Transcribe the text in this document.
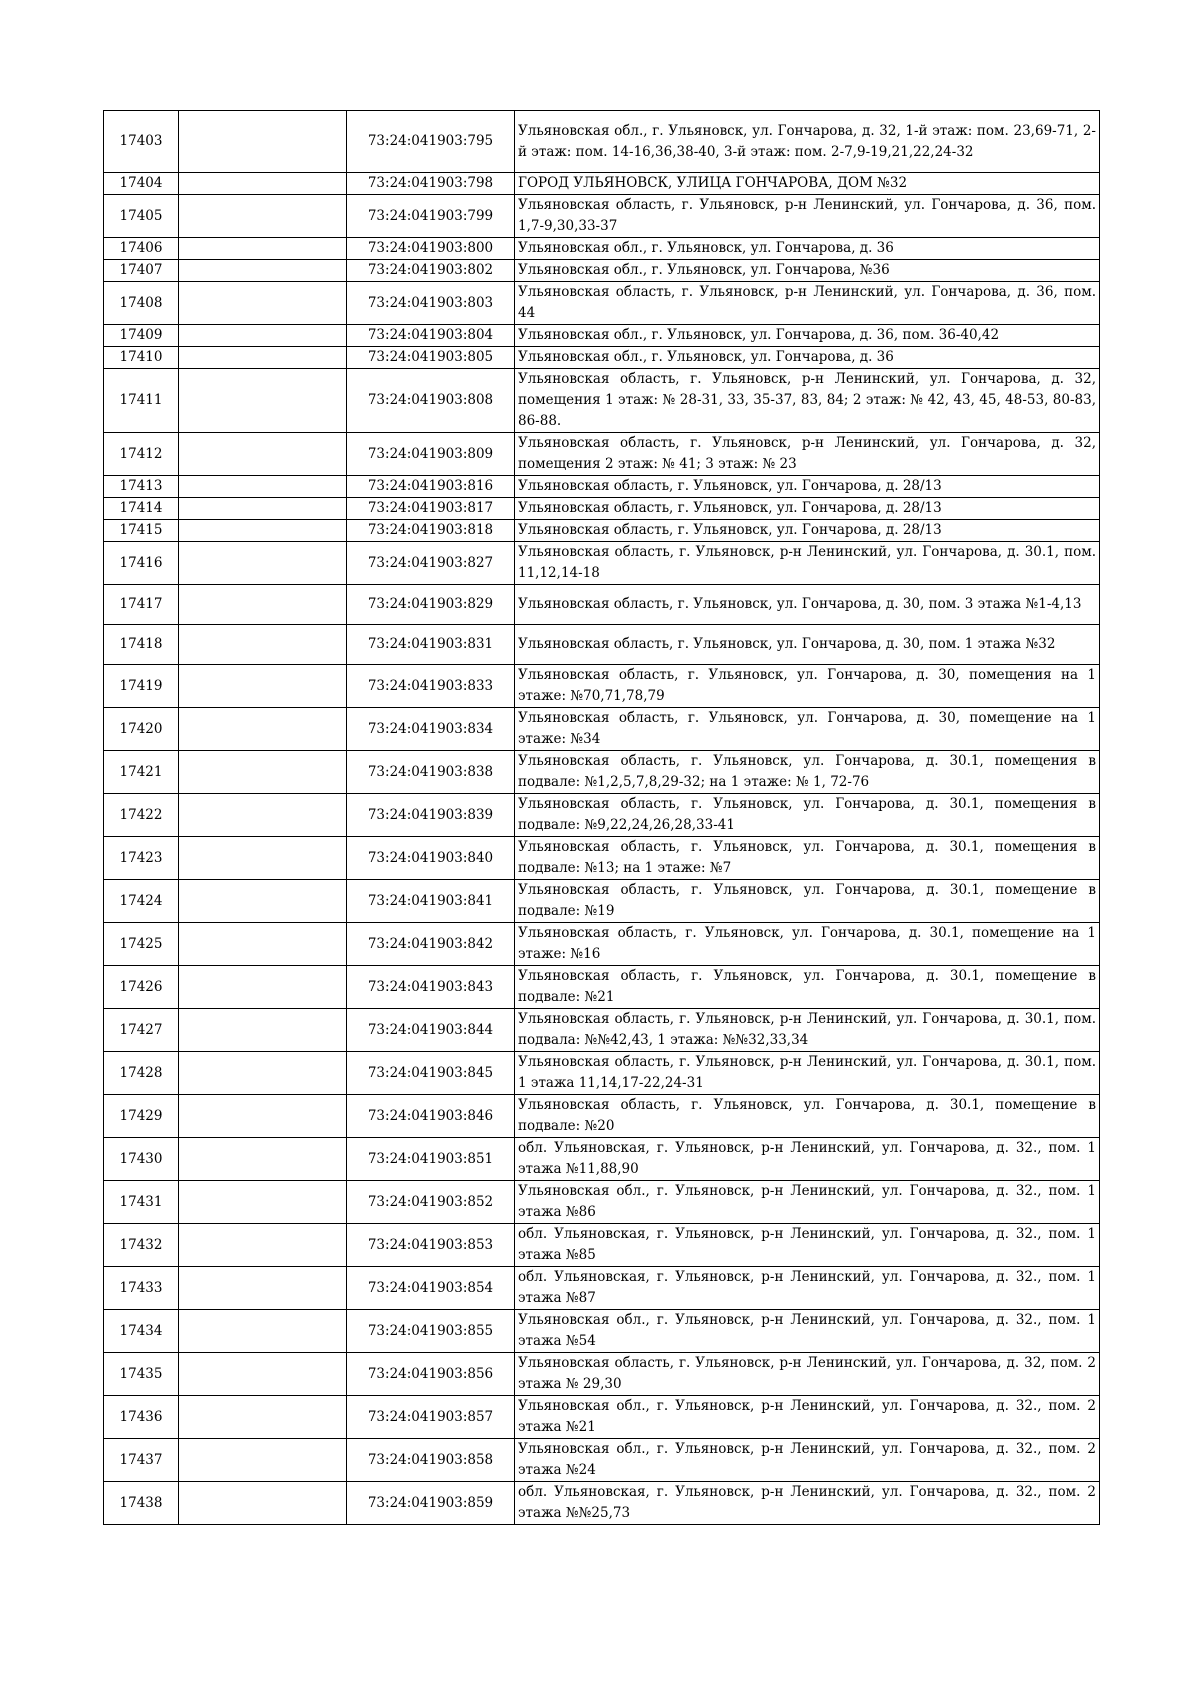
17403		73:24:041903:795	Ульяновская обл., г. Ульяновск, ул. Гончарова, д. 32, 1-й этаж: пом. 23,69-71, 2-й этаж: пом. 14-16,36,38-40, 3-й этаж: пом. 2-7,9-19,21,22,24-32
17404		73:24:041903:798	ГОРОД УЛЬЯНОВСК, УЛИЦА ГОНЧАРОВА, ДОМ №32
17405		73:24:041903:799	Ульяновская область, г. Ульяновск, р-н Ленинский, ул. Гончарова, д. 36, пом. 1,7-9,30,33-37
17406		73:24:041903:800	Ульяновская обл., г. Ульяновск, ул. Гончарова, д. 36
17407		73:24:041903:802	Ульяновская обл., г. Ульяновск, ул. Гончарова, №36
17408		73:24:041903:803	Ульяновская область, г. Ульяновск, р-н Ленинский, ул. Гончарова, д. 36, пом. 44
17409		73:24:041903:804	Ульяновская обл., г. Ульяновск, ул. Гончарова, д. 36, пом. 36-40,42
17410		73:24:041903:805	Ульяновская обл., г. Ульяновск, ул. Гончарова, д. 36
17411		73:24:041903:808	Ульяновская область, г. Ульяновск, р-н Ленинский, ул. Гончарова, д. 32, помещения 1 этаж: № 28-31, 33, 35-37, 83, 84; 2 этаж: № 42, 43, 45, 48-53, 80-83, 86-88.
17412		73:24:041903:809	Ульяновская область, г. Ульяновск, р-н Ленинский, ул. Гончарова, д. 32, помещения 2 этаж: № 41; 3 этаж: № 23
17413		73:24:041903:816	Ульяновская область, г. Ульяновск, ул. Гончарова, д. 28/13
17414		73:24:041903:817	Ульяновская область, г. Ульяновск, ул. Гончарова, д. 28/13
17415		73:24:041903:818	Ульяновская область, г. Ульяновск, ул. Гончарова, д. 28/13
17416		73:24:041903:827	Ульяновская область, г. Ульяновск, р-н Ленинский, ул. Гончарова, д. 30.1, пом. 11,12,14-18
17417		73:24:041903:829	Ульяновская область, г. Ульяновск, ул. Гончарова, д. 30, пом. 3 этажа №1-4,13
17418		73:24:041903:831	Ульяновская область, г. Ульяновск, ул. Гончарова, д. 30, пом. 1 этажа №32
17419		73:24:041903:833	Ульяновская область, г. Ульяновск, ул. Гончарова, д. 30, помещения на 1 этаже: №70,71,78,79
17420		73:24:041903:834	Ульяновская область, г. Ульяновск, ул. Гончарова, д. 30, помещение на 1 этаже: №34
17421		73:24:041903:838	Ульяновская область, г. Ульяновск, ул. Гончарова, д. 30.1, помещения в подвале: №1,2,5,7,8,29-32; на 1 этаже: № 1, 72-76
17422		73:24:041903:839	Ульяновская область, г. Ульяновск, ул. Гончарова, д. 30.1, помещения в подвале: №9,22,24,26,28,33-41
17423		73:24:041903:840	Ульяновская область, г. Ульяновск, ул. Гончарова, д. 30.1, помещения в подвале: №13; на 1 этаже: №7
17424		73:24:041903:841	Ульяновская область, г. Ульяновск, ул. Гончарова, д. 30.1, помещение в подвале: №19
17425		73:24:041903:842	Ульяновская область, г. Ульяновск, ул. Гончарова, д. 30.1, помещение на 1 этаже: №16
17426		73:24:041903:843	Ульяновская область, г. Ульяновск, ул. Гончарова, д. 30.1, помещение в подвале: №21
17427		73:24:041903:844	Ульяновская область, г. Ульяновск, р-н Ленинский, ул. Гончарова, д. 30.1, пом. подвала: №№42,43, 1 этажа: №№32,33,34
17428		73:24:041903:845	Ульяновская область, г. Ульяновск, р-н Ленинский, ул. Гончарова, д. 30.1, пом. 1 этажа 11,14,17-22,24-31
17429		73:24:041903:846	Ульяновская область, г. Ульяновск, ул. Гончарова, д. 30.1, помещение в подвале: №20
17430		73:24:041903:851	обл. Ульяновская, г. Ульяновск, р-н Ленинский, ул. Гончарова, д. 32., пом. 1 этажа №11,88,90
17431		73:24:041903:852	Ульяновская обл., г. Ульяновск, р-н Ленинский, ул. Гончарова, д. 32., пом. 1 этажа №86
17432		73:24:041903:853	обл. Ульяновская, г. Ульяновск, р-н Ленинский, ул. Гончарова, д. 32., пом. 1 этажа №85
17433		73:24:041903:854	обл. Ульяновская, г. Ульяновск, р-н Ленинский, ул. Гончарова, д. 32., пом. 1 этажа №87
17434		73:24:041903:855	Ульяновская обл., г. Ульяновск, р-н Ленинский, ул. Гончарова, д. 32., пом. 1 этажа №54
17435		73:24:041903:856	Ульяновская область, г. Ульяновск, р-н Ленинский, ул. Гончарова, д. 32, пом. 2 этажа № 29,30
17436		73:24:041903:857	Ульяновская обл., г. Ульяновск, р-н Ленинский, ул. Гончарова, д. 32., пом. 2 этажа №21
17437		73:24:041903:858	Ульяновская обл., г. Ульяновск, р-н Ленинский, ул. Гончарова, д. 32., пом. 2 этажа №24
17438		73:24:041903:859	обл. Ульяновская, г. Ульяновск, р-н Ленинский, ул. Гончарова, д. 32., пом. 2 этажа №№25,73
